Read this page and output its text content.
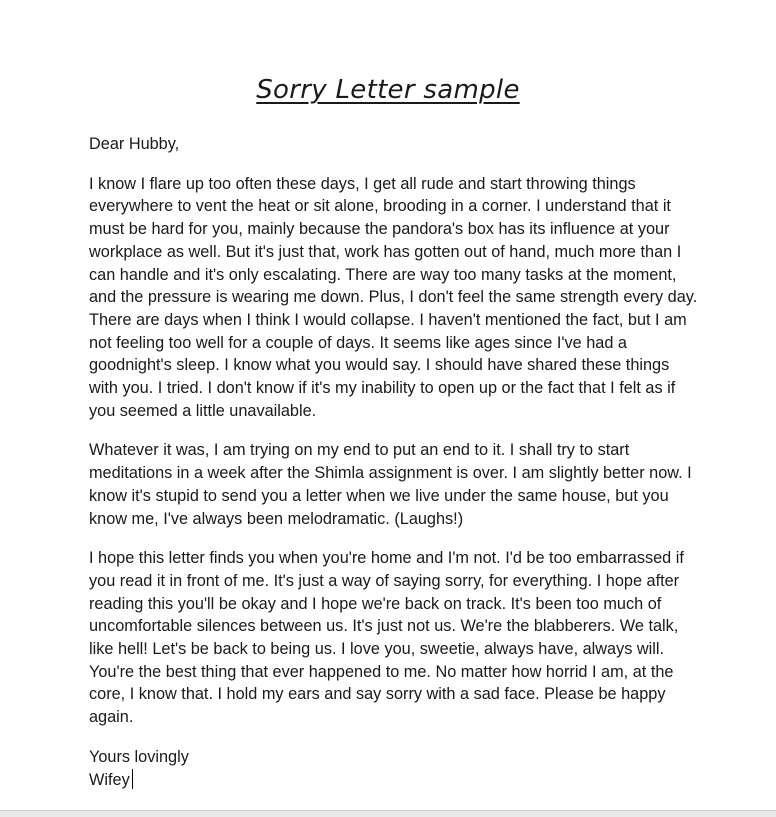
Sorry Letter sample

Dear Hubby,

I know I flare up too often these days, I get all rude and start throwing things everywhere to vent the heat or sit alone, brooding in a corner. I understand that it must be hard for you, mainly because the pandora's box has its influence at your workplace as well. But it's just that, work has gotten out of hand, much more than I can handle and it's only escalating. There are way too many tasks at the moment, and the pressure is wearing me down. Plus, I don't feel the same strength every day. There are days when I think I would collapse. I haven't mentioned the fact, but I am not feeling too well for a couple of days. It seems like ages since I've had a goodnight's sleep. I know what you would say. I should have shared these things with you. I tried. I don't know if it's my inability to open up or the fact that I felt as if you seemed a little unavailable.

Whatever it was, I am trying on my end to put an end to it. I shall try to start meditations in a week after the Shimla assignment is over. I am slightly better now. I know it's stupid to send you a letter when we live under the same house, but you know me, I've always been melodramatic. (Laughs!)

I hope this letter finds you when you're home and I'm not. I'd be too embarrassed if you read it in front of me. It's just a way of saying sorry, for everything. I hope after reading this you'll be okay and I hope we're back on track. It's been too much of uncomfortable silences between us. It's just not us. We're the blabberers. We talk, like hell! Let's be back to being us. I love you, sweetie, always have, always will. You're the best thing that ever happened to me. No matter how horrid I am, at the core, I know that. I hold my ears and say sorry with a sad face. Please be happy again.

Yours lovingly

Wifey
